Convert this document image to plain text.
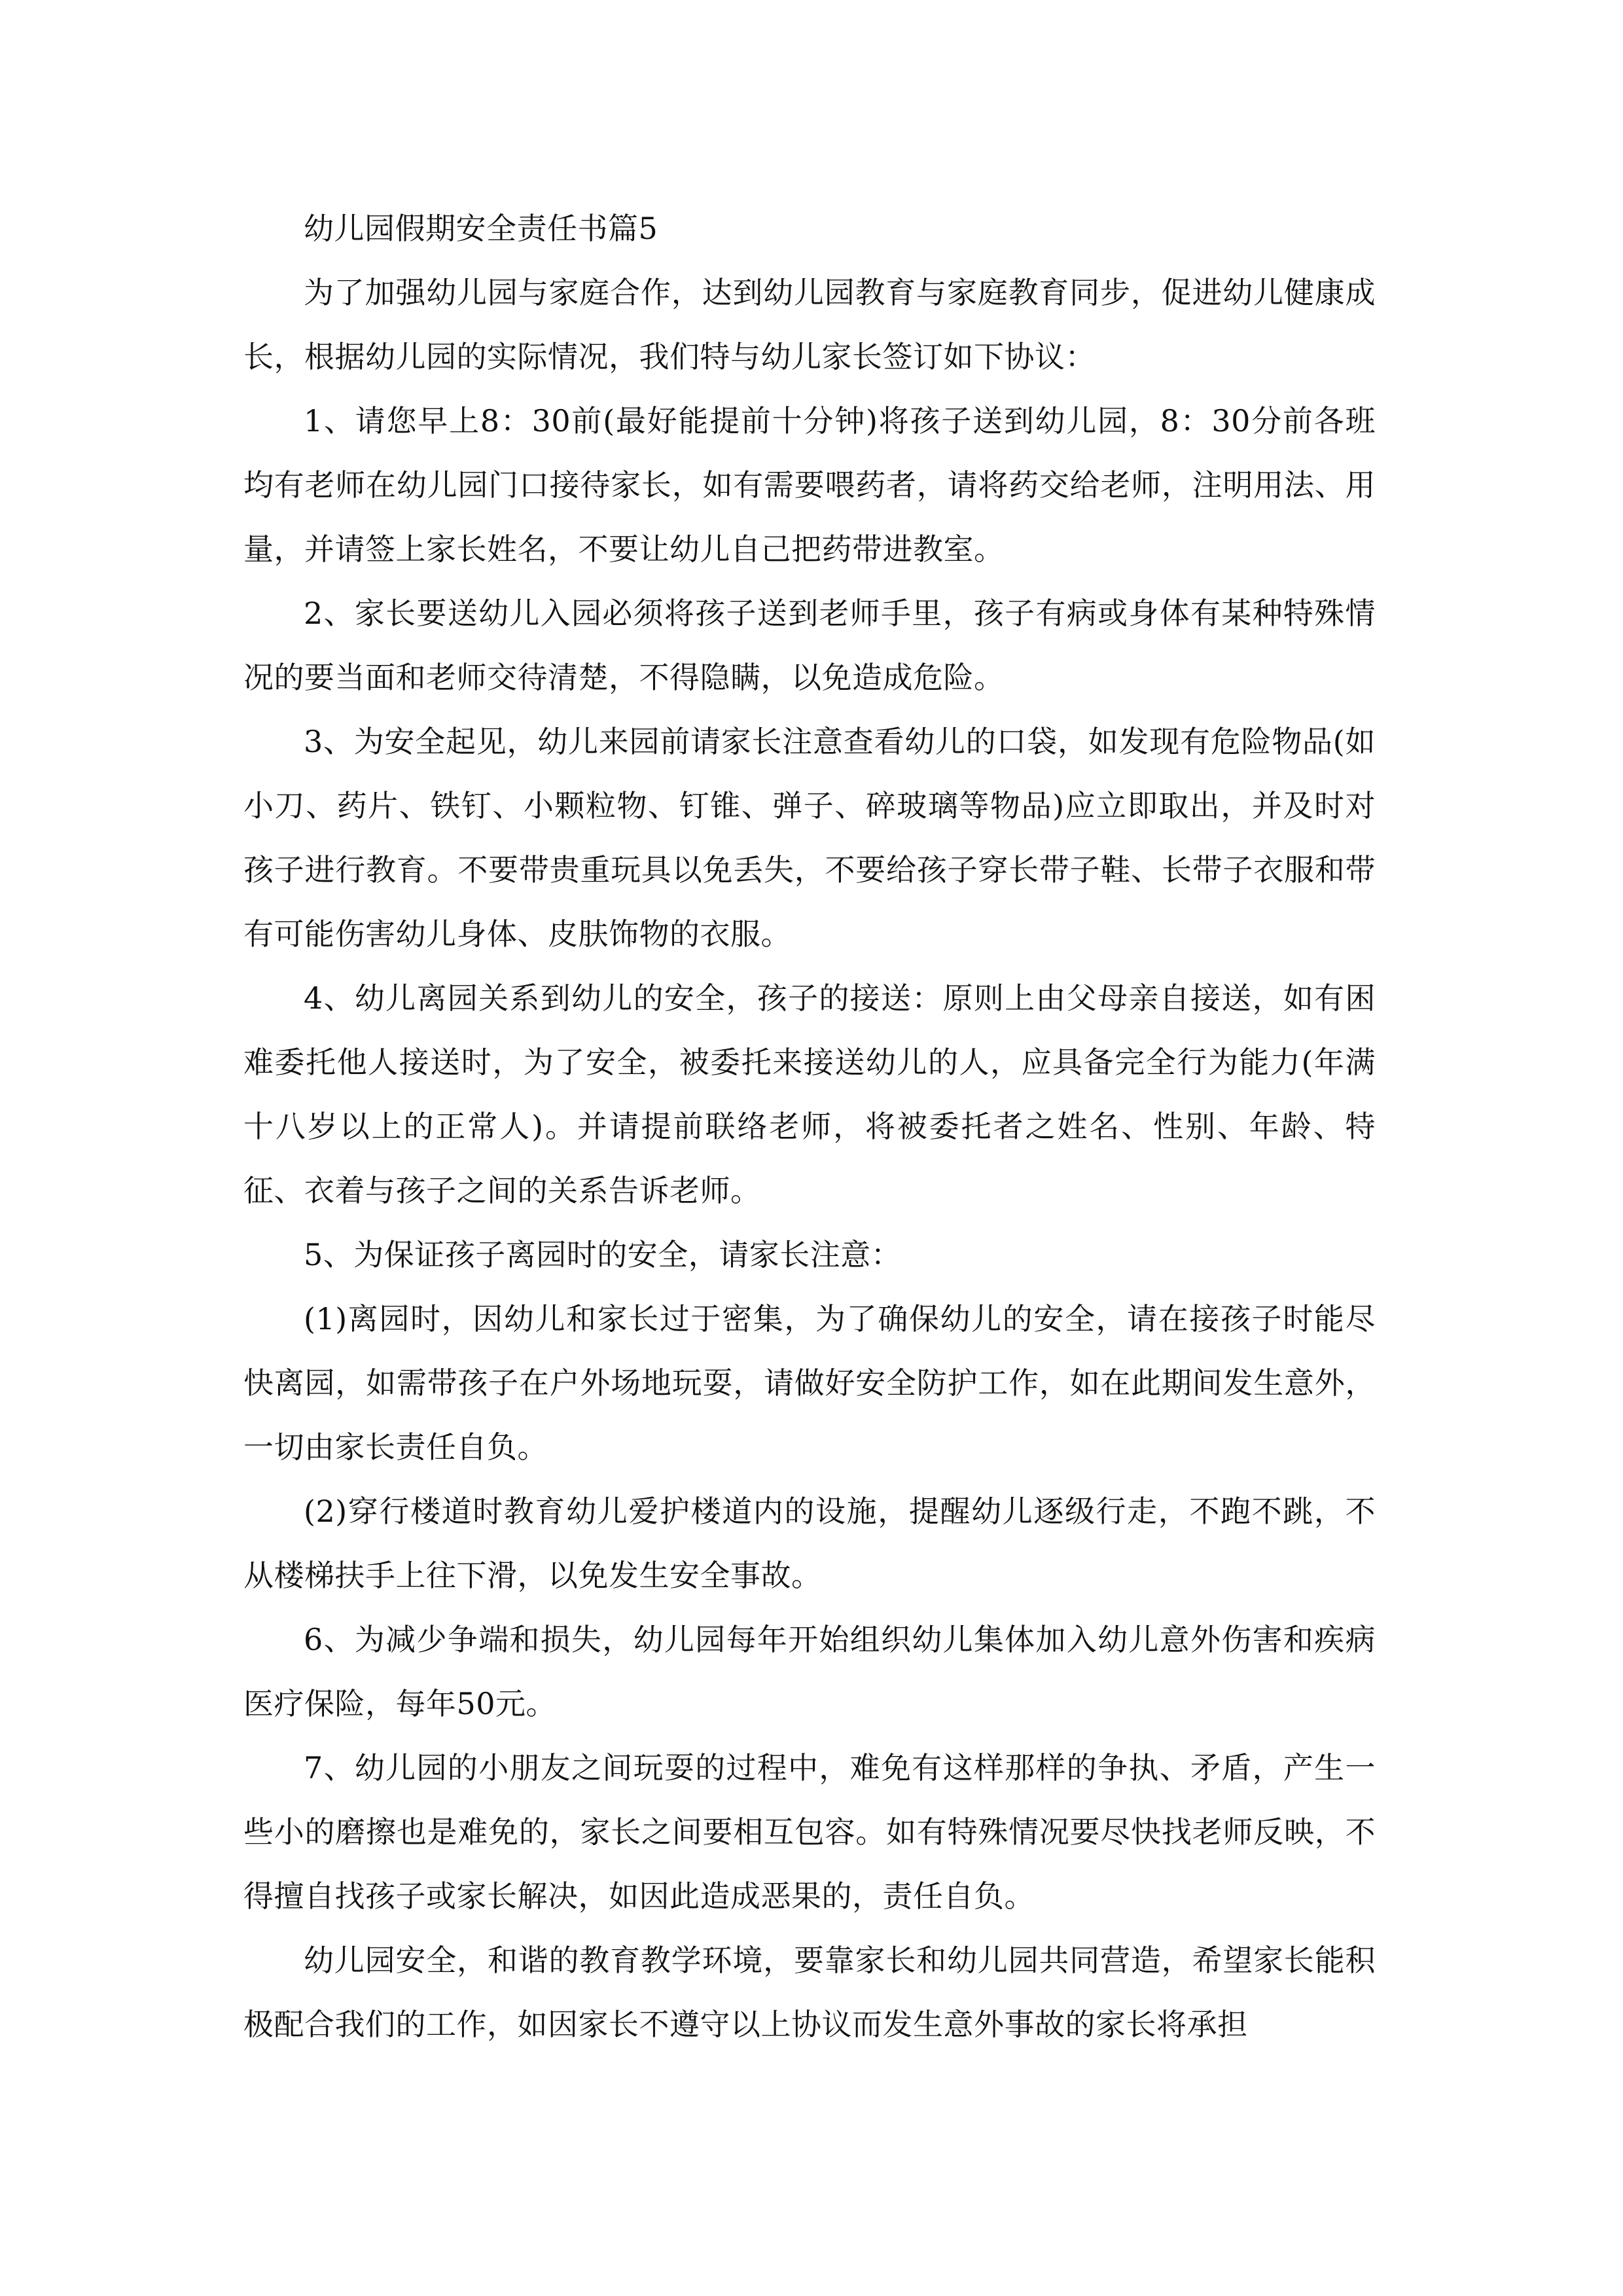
幼儿园假期安全责任书篇5

为了加强幼儿园与家庭合作，达到幼儿园教育与家庭教育同步，促进幼儿健康成长，根据幼儿园的实际情况，我们特与幼儿家长签订如下协议：

1、请您早上8：30前(最好能提前十分钟)将孩子送到幼儿园，8：30分前各班均有老师在幼儿园门口接待家长，如有需要喂药者，请将药交给老师，注明用法、用量，并请签上家长姓名，不要让幼儿自己把药带进教室。

2、家长要送幼儿入园必须将孩子送到老师手里，孩子有病或身体有某种特殊情况的要当面和老师交待清楚，不得隐瞒，以免造成危险。

3、为安全起见，幼儿来园前请家长注意查看幼儿的口袋，如发现有危险物品(如小刀、药片、铁钉、小颗粒物、钉锥、弹子、碎玻璃等物品)应立即取出，并及时对孩子进行教育。不要带贵重玩具以免丢失，不要给孩子穿长带子鞋、长带子衣服和带有可能伤害幼儿身体、皮肤饰物的衣服。

4、幼儿离园关系到幼儿的安全，孩子的接送：原则上由父母亲自接送，如有困难委托他人接送时，为了安全，被委托来接送幼儿的人，应具备完全行为能力(年满十八岁以上的正常人)。并请提前联络老师，将被委托者之姓名、性别、年龄、特征、衣着与孩子之间的关系告诉老师。

5、为保证孩子离园时的安全，请家长注意：

(1)离园时，因幼儿和家长过于密集，为了确保幼儿的安全，请在接孩子时能尽快离园，如需带孩子在户外场地玩耍，请做好安全防护工作，如在此期间发生意外，一切由家长责任自负。

(2)穿行楼道时教育幼儿爱护楼道内的设施，提醒幼儿逐级行走，不跑不跳，不从楼梯扶手上往下滑，以免发生安全事故。

6、为减少争端和损失，幼儿园每年开始组织幼儿集体加入幼儿意外伤害和疾病医疗保险，每年50元。

7、幼儿园的小朋友之间玩耍的过程中，难免有这样那样的争执、矛盾，产生一些小的磨擦也是难免的，家长之间要相互包容。如有特殊情况要尽快找老师反映，不得擅自找孩子或家长解决，如因此造成恶果的，责任自负。

幼儿园安全，和谐的教育教学环境，要靠家长和幼儿园共同营造，希望家长能积极配合我们的工作，如因家长不遵守以上协议而发生意外事故的家长将承担
